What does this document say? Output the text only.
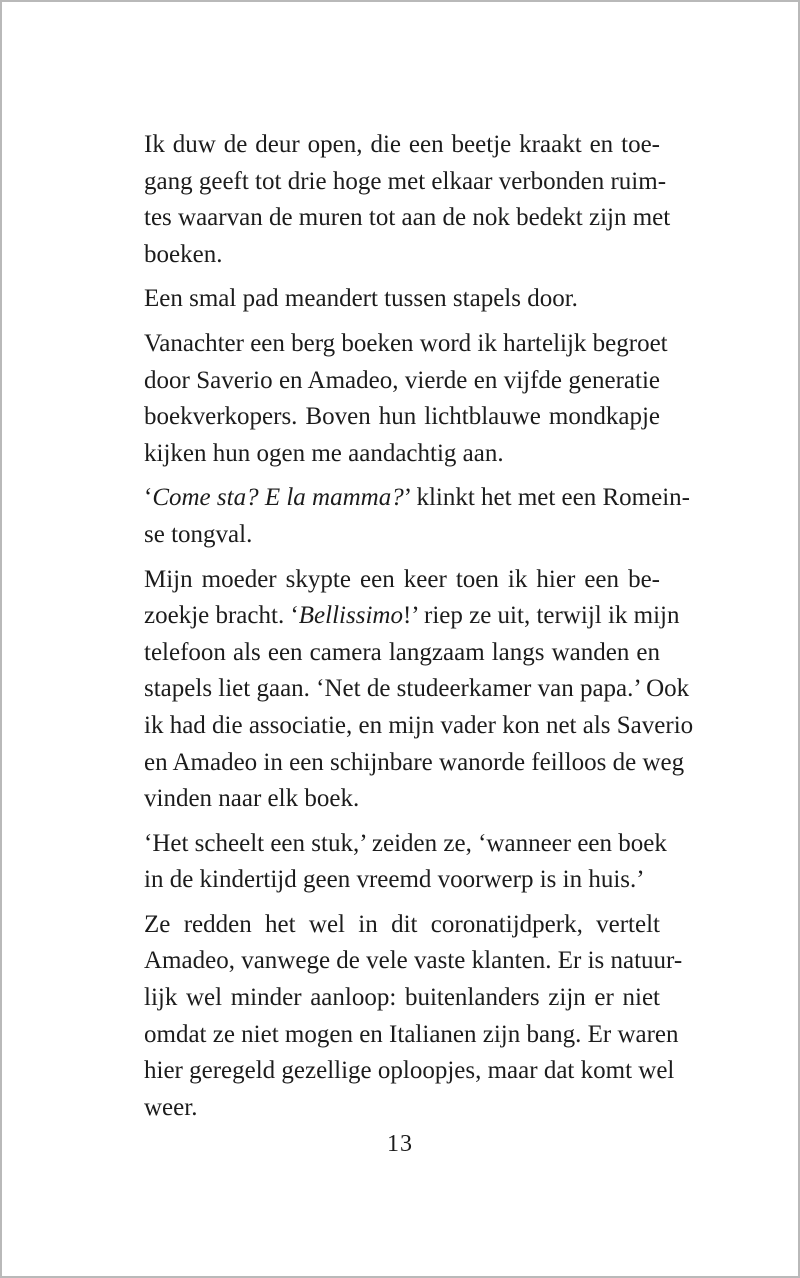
Ik duw de deur open, die een beetje kraakt en toe-
gang geeft tot drie hoge met elkaar verbonden ruim-
tes waarvan de muren tot aan de nok bedekt zijn met
boeken.

Een smal pad meandert tussen stapels door.

Vanachter een berg boeken word ik hartelijk begroet
door Saverio en Amadeo, vierde en vijfde generatie
boekverkopers. Boven hun lichtblauwe mondkapje
kijken hun ogen me aandachtig aan.

‘Come sta? E la mamma?’ klinkt het met een Romein-
se tongval.

Mijn moeder skypte een keer toen ik hier een be-
zoekje bracht. ‘Bellissimo!’ riep ze uit, terwijl ik mijn
telefoon als een camera langzaam langs wanden en
stapels liet gaan. ‘Net de studeerkamer van papa.’ Ook
ik had die associatie, en mijn vader kon net als Saverio
en Amadeo in een schijnbare wanorde feilloos de weg
vinden naar elk boek.

‘Het scheelt een stuk,’ zeiden ze, ‘wanneer een boek
in de kindertijd geen vreemd voorwerp is in huis.’

Ze redden het wel in dit coronatijdperk, vertelt
Amadeo, vanwege de vele vaste klanten. Er is natuur-
lijk wel minder aanloop: buitenlanders zijn er niet
omdat ze niet mogen en Italianen zijn bang. Er waren
hier geregeld gezellige oploopjes, maar dat komt wel
weer.

13
